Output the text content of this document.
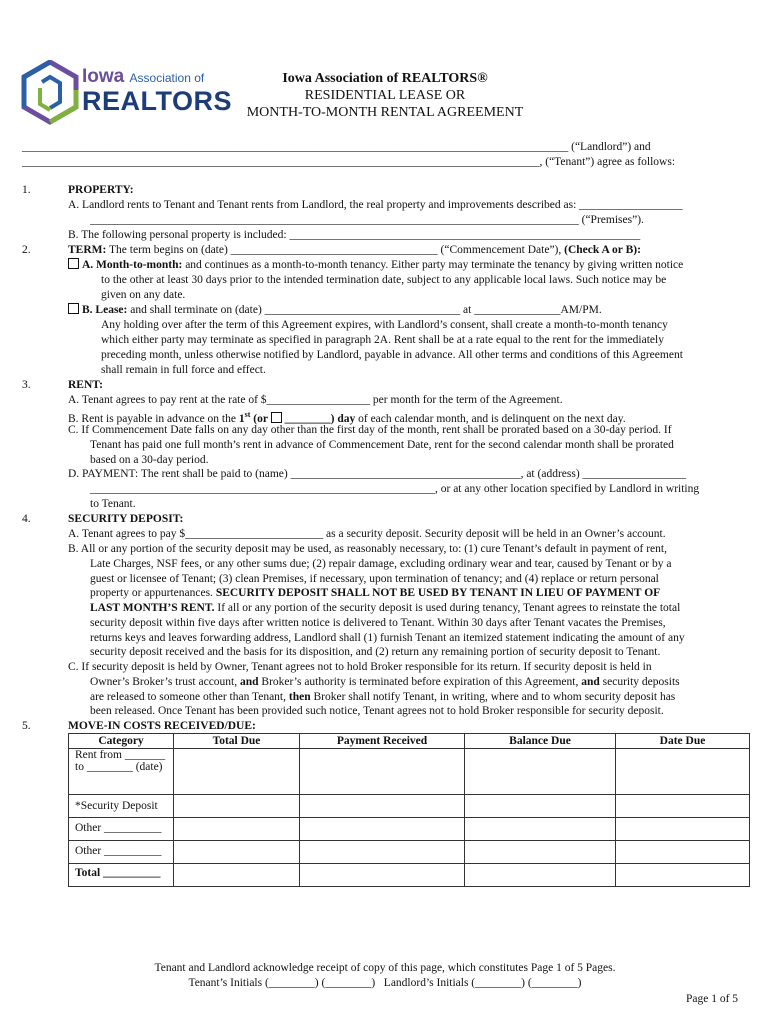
Iowa Association of
REALTORS
Iowa Association of REALTORS®
RESIDENTIAL LEASE OR
MONTH-TO-MONTH RENTAL AGREEMENT
_______________________________________________________________________________________________ (“Landlord”) and
__________________________________________________________________________________________, (“Tenant”) agree as follows:
1.	PROPERTY:
A. Landlord rents to Tenant and Tenant rents from Landlord, the real property and improvements described as: __________________
_____________________________________________________________________________________ (“Premises”).
B. The following personal property is included: _____________________________________________________________
2.	TERM: The term begins on (date) ____________________________________ (“Commencement Date”), (Check A or B):
A. Month-to-month: and continues as a month-to-month tenancy. Either party may terminate the tenancy by giving written notice
to the other at least 30 days prior to the intended termination date, subject to any applicable local laws. Such notice may be
given on any date.
B. Lease: and shall terminate on (date) __________________________________ at _______________AM/PM.
Any holding over after the term of this Agreement expires, with Landlord’s consent, shall create a month-to-month tenancy
which either party may terminate as specified in paragraph 2A. Rent shall be at a rate equal to the rent for the immediately
preceding month, unless otherwise notified by Landlord, payable in advance. All other terms and conditions of this Agreement
shall remain in full force and effect.
3.	RENT:
A. Tenant agrees to pay rent at the rate of $__________________ per month for the term of the Agreement.
B. Rent is payable in advance on the 1st (or ________) day of each calendar month, and is delinquent on the next day.
C. If Commencement Date falls on any day other than the first day of the month, rent shall be prorated based on a 30-day period. If
Tenant has paid one full month’s rent in advance of Commencement Date, rent for the second calendar month shall be prorated
based on a 30-day period.
D. PAYMENT: The rent shall be paid to (name) ________________________________________, at (address) __________________
____________________________________________________________, or at any other location specified by Landlord in writing
to Tenant.
4.	SECURITY DEPOSIT:
A. Tenant agrees to pay $________________________ as a security deposit. Security deposit will be held in an Owner’s account.
B. All or any portion of the security deposit may be used, as reasonably necessary, to: (1) cure Tenant’s default in payment of rent,
Late Charges, NSF fees, or any other sums due; (2) repair damage, excluding ordinary wear and tear, caused by Tenant or by a
guest or licensee of Tenant; (3) clean Premises, if necessary, upon termination of tenancy; and (4) replace or return personal
property or appurtenances. SECURITY DEPOSIT SHALL NOT BE USED BY TENANT IN LIEU OF PAYMENT OF
LAST MONTH’S RENT. If all or any portion of the security deposit is used during tenancy, Tenant agrees to reinstate the total
security deposit within five days after written notice is delivered to Tenant. Within 30 days after Tenant vacates the Premises,
returns keys and leaves forwarding address, Landlord shall (1) furnish Tenant an itemized statement indicating the amount of any
security deposit received and the basis for its disposition, and (2) return any remaining portion of security deposit to Tenant.
C. If security deposit is held by Owner, Tenant agrees not to hold Broker responsible for its return. If security deposit is held in
Owner’s Broker’s trust account, and Broker’s authority is terminated before expiration of this Agreement, and security deposits
are released to someone other than Tenant, then Broker shall notify Tenant, in writing, where and to whom security deposit has
been released. Once Tenant has been provided such notice, Tenant agrees not to hold Broker responsible for security deposit.
5.	MOVE-IN COSTS RECEIVED/DUE:
Category	Total Due	Payment Received	Balance Due	Date Due
Rent from _______
to ________ (date)				
*Security Deposit				
Other __________				
Other __________				
Total __________				
Tenant and Landlord acknowledge receipt of copy of this page, which constitutes Page 1 of 5 Pages.
Tenant’s Initials (________) (________)   Landlord’s Initials (________) (________)
Page 1 of 5
